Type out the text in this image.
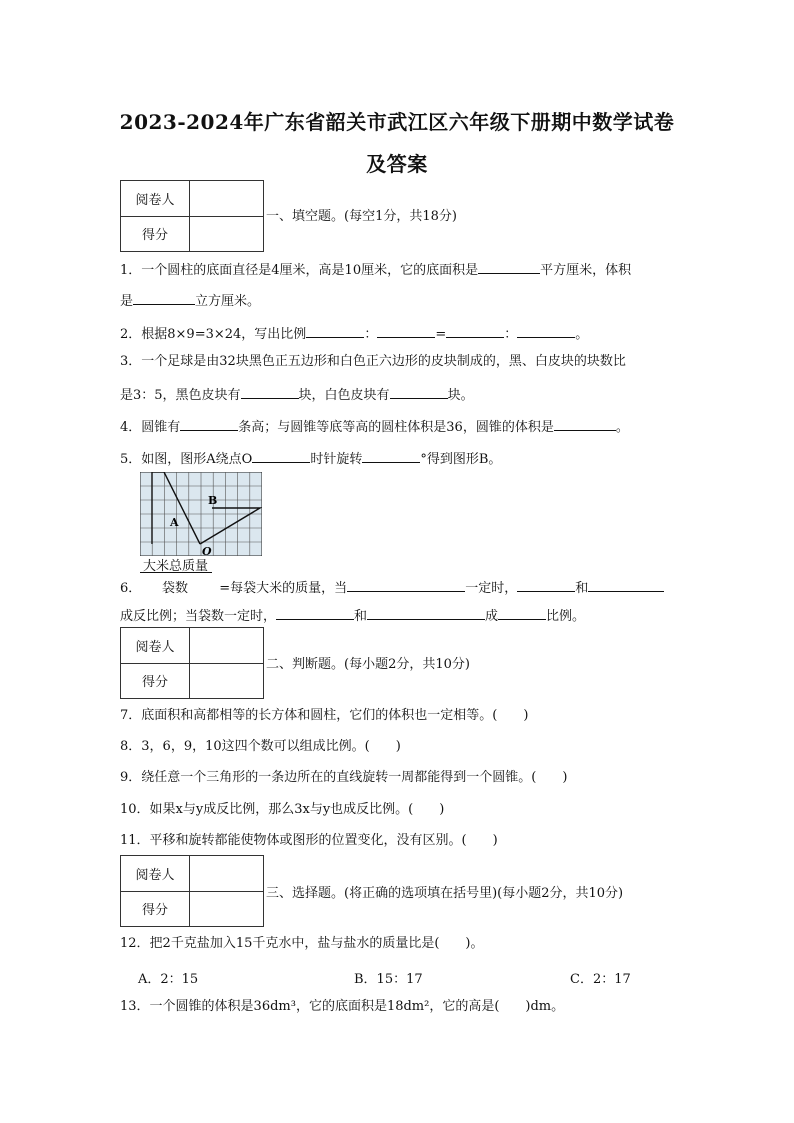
2023-2024年广东省韶关市武江区六年级下册期中数学试卷
及答案
阅卷人	
得分	
一、填空题。(每空1分，共18分)
1．一个圆柱的底面直径是4厘米，高是10厘米，它的底面积是	平方厘米，体积
是	立方厘米。
2．根据8×9=3×24，写出比例	：	=	：	。
3．一个足球是由32块黑色正五边形和白色正六边形的皮块制成的，黑、白皮块的块数比
是3：5，黑色皮块有	块，白色皮块有	块。
4．圆锥有	条高；与圆锥等底等高的圆柱体积是36，圆锥的体积是	。
5．如图，图形A绕点O	时针旋转	°得到图形B。
A
B
O
大米总质量
袋数
6．	=每袋大米的质量，当	一定时，	和
成反比例；当袋数一定时，	和	成	比例。
阅卷人	
得分	
二、判断题。(每小题2分，共10分)
7．底面积和高都相等的长方体和圆柱，它们的体积也一定相等。(　　)
8．3，6，9，10这四个数可以组成比例。(　　)
9．绕任意一个三角形的一条边所在的直线旋转一周都能得到一个圆锥。(　　)
10．如果x与y成反比例，那么3x与y也成反比例。(　　)
11．平移和旋转都能使物体或图形的位置变化，没有区别。(　　)
阅卷人	
得分	
三、选择题。(将正确的选项填在括号里)(每小题2分，共10分)
12．把2千克盐加入15千克水中，盐与盐水的质量比是(　　)。
A．2：15	B．15：17	C．2：17
13．一个圆锥的体积是36dm³，它的底面积是18dm²，它的高是(　　)dm。
